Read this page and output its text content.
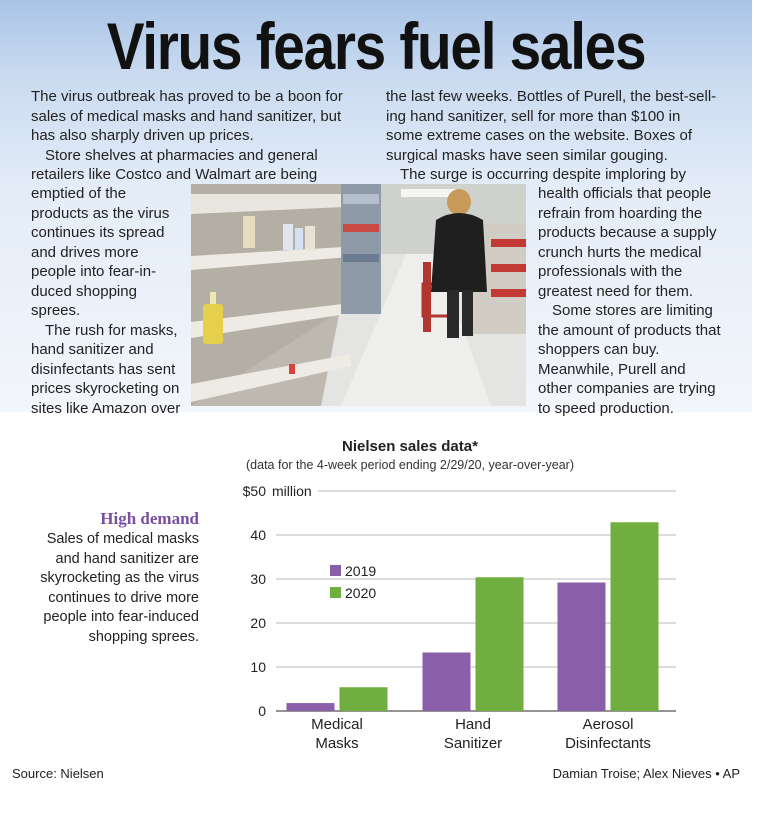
Virus fears fuel sales
The virus outbreak has proved to be a boon for
sales of medical masks and hand sanitizer, but
has also sharply driven up prices.
Store shelves at pharmacies and general
retailers like Costco and Walmart are being
emptied of the
products as the virus
continues its spread
and drives more
people into fear-in-
duced shopping
sprees.
The rush for masks,
hand sanitizer and
disinfectants has sent
prices skyrocketing on
sites like Amazon over
the last few weeks. Bottles of Purell, the best-sell-
ing hand sanitizer, sell for more than $100 in
some extreme cases on the website. Boxes of
surgical masks have seen similar gouging.
The surge is occurring despite imploring by
health officials that people
refrain from hoarding the
products because a supply
crunch hurts the medical
professionals with the
greatest need for them.
Some stores are limiting
the amount of products that
shoppers can buy.
Meanwhile, Purell and
other companies are trying
to speed production.
Nielsen sales data*
(data for the 4-week period ending 2/29/20, year-over-year)
High demand
Sales of medical masks and hand sanitizer are skyrocketing as the virus continues to drive more people into fear-induced shopping sprees.
0
10
20
30
40
$50 million
Medical
Masks
Hand
Sanitizer
Aerosol
Disinfectants
2019
2020
Source: Nielsen	Damian Troise; Alex Nieves • AP
